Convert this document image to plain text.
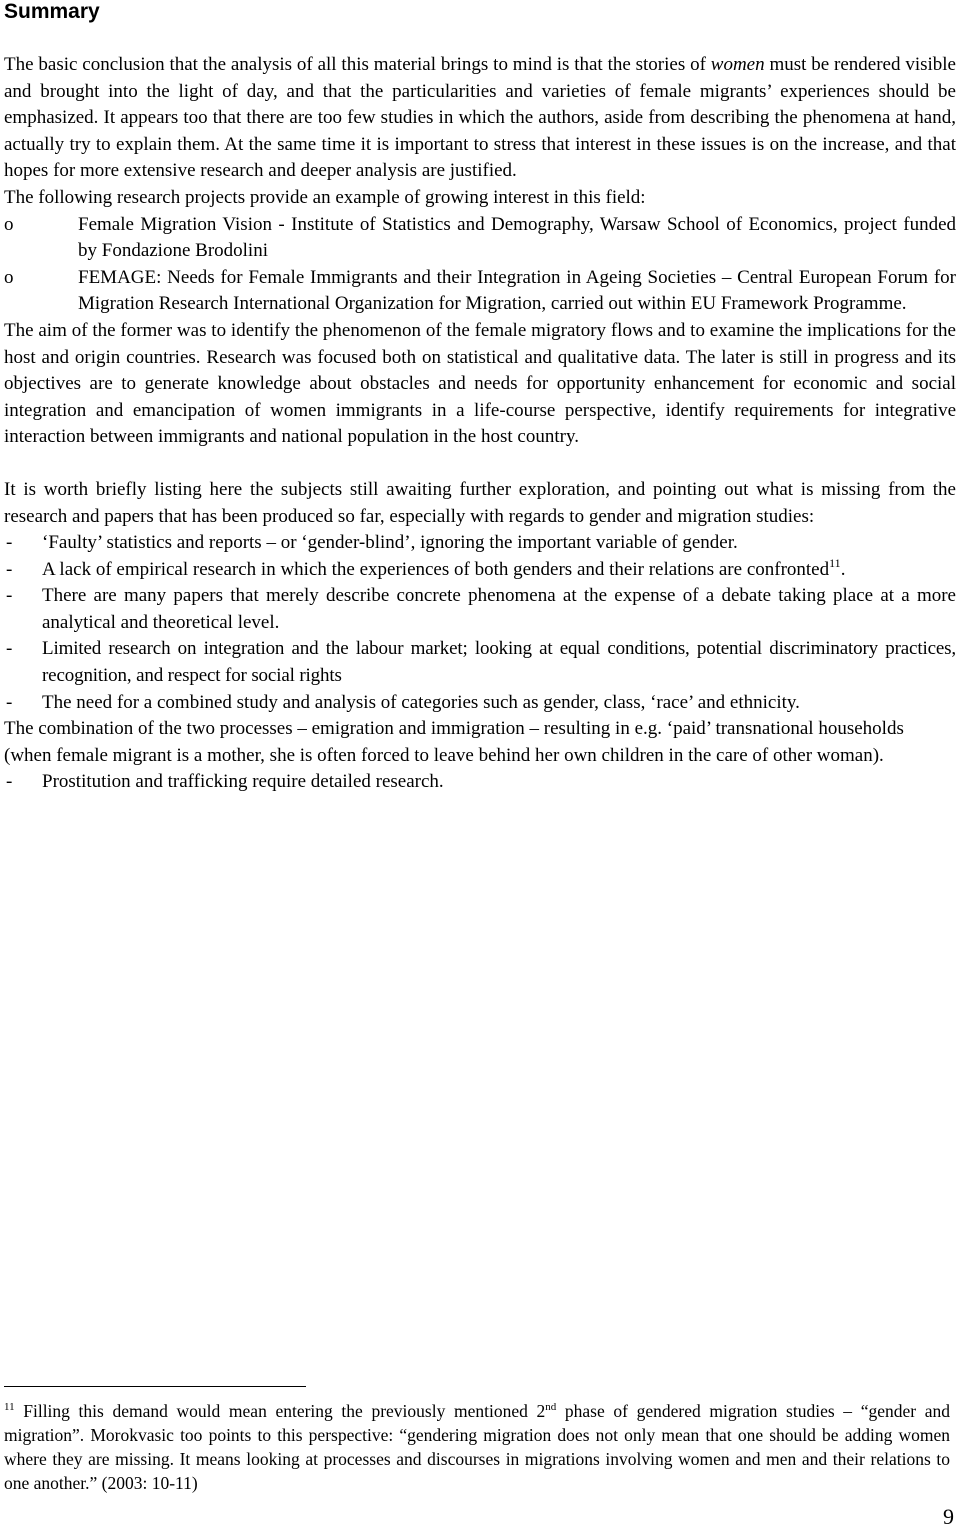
Summary

The basic conclusion that the analysis of all this material brings to mind is that the stories of women must be rendered visible and brought into the light of day, and that the particularities and varieties of female migrants’ experiences should be emphasized. It appears too that there are too few studies in which the authors, aside from describing the phenomena at hand, actually try to explain them. At the same time it is important to stress that interest in these issues is on the increase, and that hopes for more extensive research and deeper analysis are justified.

The following research projects provide an example of growing interest in this field:

o	Female Migration Vision - Institute of Statistics and Demography, Warsaw School of Economics, project funded by Fondazione Brodolini
o	FEMAGE: Needs for Female Immigrants and their Integration in Ageing Societies – Central European Forum for Migration Research International Organization for Migration, carried out within EU Framework Programme.

The aim of the former was to identify the phenomenon of the female migratory flows and to examine the implications for the host and origin countries. Research was focused both on statistical and qualitative data. The later is still in progress and its objectives are to generate knowledge about obstacles and needs for opportunity enhancement for economic and social integration and emancipation of women immigrants in a life-course perspective, identify requirements for integrative interaction between immigrants and national population in the host country.

It is worth briefly listing here the subjects still awaiting further exploration, and pointing out what is missing from the research and papers that has been produced so far, especially with regards to gender and migration studies:

- ‘Faulty’ statistics and reports – or ‘gender-blind’, ignoring the important variable of gender.
- A lack of empirical research in which the experiences of both genders and their relations are confronted$^{11}$.
- There are many papers that merely describe concrete phenomena at the expense of a debate taking place at a more analytical and theoretical level.
- Limited research on integration and the labour market; looking at equal conditions, potential discriminatory practices, recognition, and respect for social rights
- The need for a combined study and analysis of categories such as gender, class, ‘race’ and ethnicity.

The combination of the two processes – emigration and immigration – resulting in e.g. ‘paid’ transnational households (when female migrant is a mother, she is often forced to leave behind her own children in the care of other woman).

- Prostitution and trafficking require detailed research.
$^{11}$ Filling this demand would mean entering the previously mentioned 2nd phase of gendered migration studies – “gender and migration”. Morokvasic too points to this perspective: “gendering migration does not only mean that one should be adding women where they are missing. It means looking at processes and discourses in migrations involving women and men and their relations to one another.” (2003: 10-11)
9
